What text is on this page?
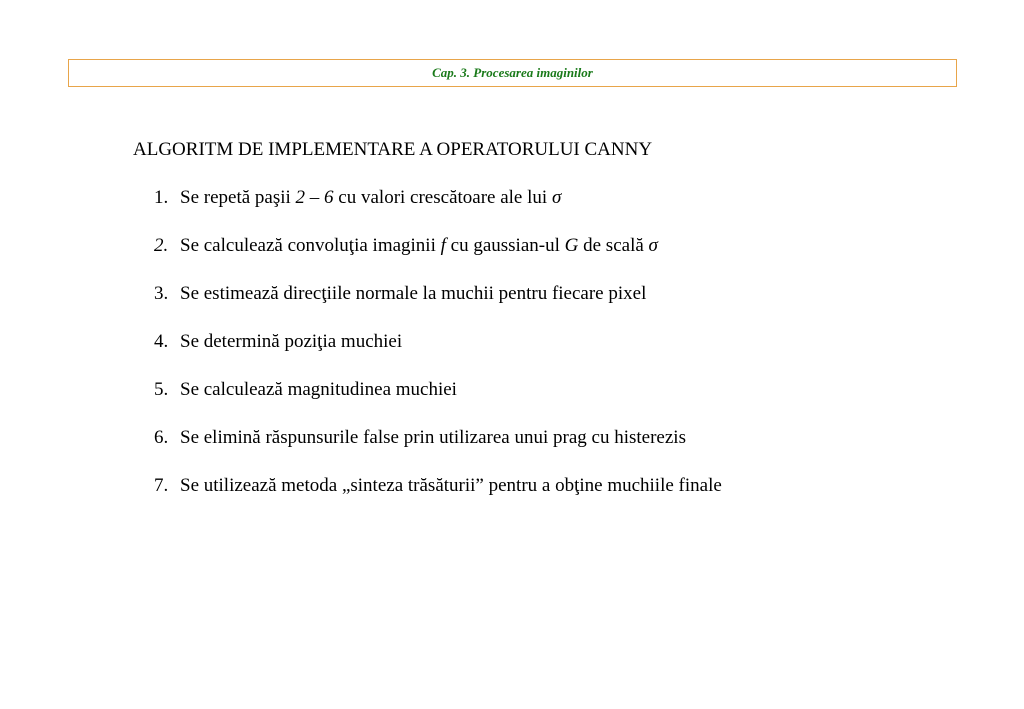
Cap. 3. Procesarea imaginilor
ALGORITM DE IMPLEMENTARE A OPERATORULUI CANNY
1. Se repetă paşii 2 – 6 cu valori crescătoare ale lui σ
2. Se calculează convoluţia imaginii f cu gaussian-ul G de scală σ
3. Se estimează direcţiile normale la muchii pentru fiecare pixel
4. Se determină poziţia muchiei
5. Se calculează magnitudinea muchiei
6. Se elimină răspunsurile false prin utilizarea unui prag cu histerezis
7. Se utilizează metoda „sinteza trăsăturii” pentru a obţine muchiile finale
